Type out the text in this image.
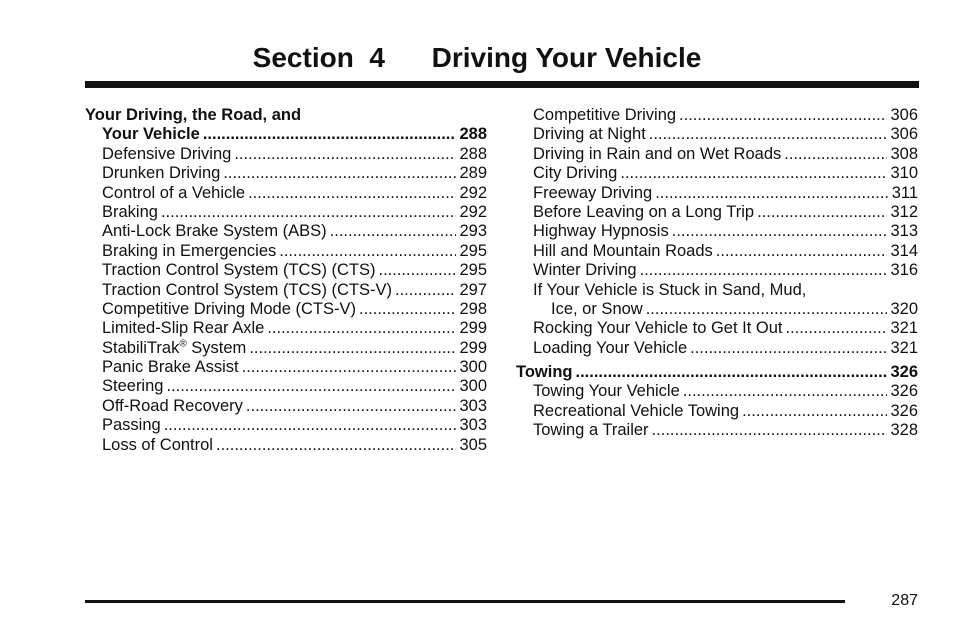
Section  4      Driving Your Vehicle
Your Driving, the Road, and
Your Vehicle .....	288
Defensive Driving .....	288
Drunken Driving .....	289
Control of a Vehicle .....	292
Braking .....	292
Anti-Lock Brake System (ABS) .....	293
Braking in Emergencies .....	295
Traction Control System (TCS) (CTS) .....	295
Traction Control System (TCS) (CTS-V) .....	297
Competitive Driving Mode (CTS-V) .....	298
Limited-Slip Rear Axle .....	299
StabiliTrak® System .....	299
Panic Brake Assist .....	300
Steering .....	300
Off-Road Recovery .....	303
Passing .....	303
Loss of Control .....	305
Competitive Driving .....	306
Driving at Night .....	306
Driving in Rain and on Wet Roads .....	308
City Driving .....	310
Freeway Driving .....	311
Before Leaving on a Long Trip .....	312
Highway Hypnosis .....	313
Hill and Mountain Roads .....	314
Winter Driving .....	316
If Your Vehicle is Stuck in Sand, Mud,
Ice, or Snow .....	320
Rocking Your Vehicle to Get It Out .....	321
Loading Your Vehicle .....	321
Towing .....	326
Towing Your Vehicle .....	326
Recreational Vehicle Towing .....	326
Towing a Trailer .....	328
287
